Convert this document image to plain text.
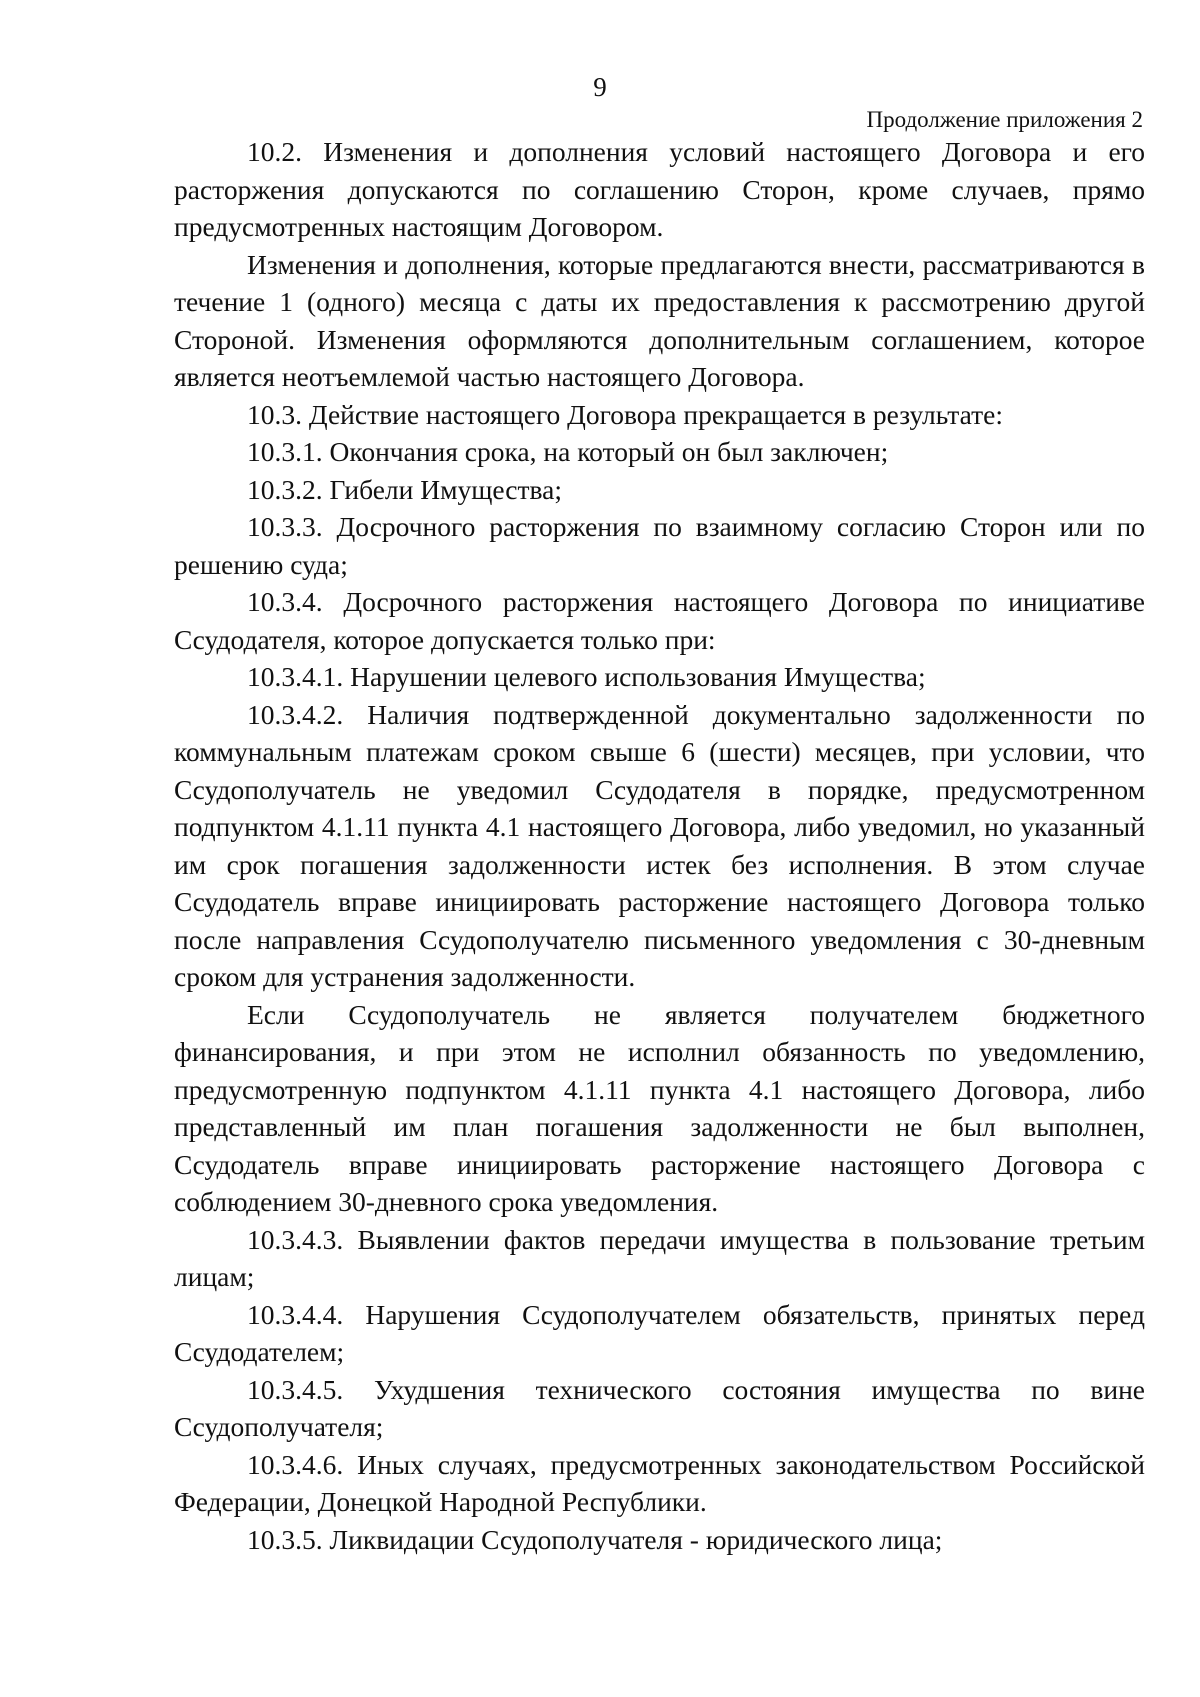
9
Продолжение приложения 2

10.2. Изменения и дополнения условий настоящего Договора и его расторжения допускаются по соглашению Сторон, кроме случаев, прямо предусмотренных настоящим Договором.

Изменения и дополнения, которые предлагаются внести, рассматриваются в течение 1 (одного) месяца с даты их предоставления к рассмотрению другой Стороной. Изменения оформляются дополнительным соглашением, которое является неотъемлемой частью настоящего Договора.

10.3. Действие настоящего Договора прекращается в результате:

10.3.1. Окончания срока, на который он был заключен;

10.3.2. Гибели Имущества;

10.3.3. Досрочного расторжения по взаимному согласию Сторон или по решению суда;

10.3.4. Досрочного расторжения настоящего Договора по инициативе Ссудодателя, которое допускается только при:

10.3.4.1. Нарушении целевого использования Имущества;

10.3.4.2. Наличия подтвержденной документально задолженности по коммунальным платежам сроком свыше 6 (шести) месяцев, при условии, что Ссудополучатель не уведомил Ссудодателя в порядке, предусмотренном подпунктом 4.1.11 пункта 4.1 настоящего Договора, либо уведомил, но указанный им срок погашения задолженности истек без исполнения. В этом случае Ссудодатель вправе инициировать расторжение настоящего Договора только после направления Ссудополучателю письменного уведомления с 30-дневным сроком для устранения задолженности.

Если Ссудополучатель не является получателем бюджетного финансирования, и при этом не исполнил обязанность по уведомлению, предусмотренную подпунктом 4.1.11 пункта 4.1 настоящего Договора, либо представленный им план погашения задолженности не был выполнен, Ссудодатель вправе инициировать расторжение настоящего Договора с соблюдением 30-дневного срока уведомления.

10.3.4.3. Выявлении фактов передачи имущества в пользование третьим лицам;

10.3.4.4. Нарушения Ссудополучателем обязательств, принятых перед Ссудодателем;

10.3.4.5. Ухудшения технического состояния имущества по вине Ссудополучателя;

10.3.4.6. Иных случаях, предусмотренных законодательством Российской Федерации, Донецкой Народной Республики.

10.3.5. Ликвидации Ссудополучателя - юридического лица;
